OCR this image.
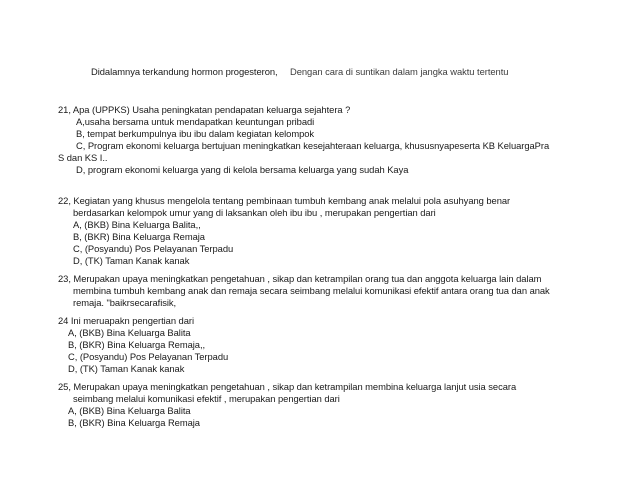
Didalamnya terkandung hormon progesteron, Dengan cara di suntikan dalam jangka waktu tertentu
21, Apa (UPPKS) Usaha peningkatan pendapatan keluarga sejahtera ?
A,usaha bersama untuk mendapatkan keuntungan pribadi
B, tempat berkumpulnya ibu ibu dalam kegiatan kelompok
C, Program ekonomi keluarga bertujuan meningkatkan kesejahteraan keluarga, khususnyapeserta KB KeluargaPra
S dan KS I..
D, program ekonomi keluarga yang di kelola bersama keluarga yang sudah Kaya
22, Kegiatan yang khusus mengelola tentang pembinaan tumbuh kembang anak melalui pola asuhyang benar
berdasarkan kelompok umur yang di laksankan oleh ibu ibu , merupakan pengertian dari
A, (BKB) Bina Keluarga Balita,,
B, (BKR) Bina Keluarga Remaja
C, (Posyandu) Pos Pelayanan Terpadu
D, (TK) Taman Kanak kanak
23, Merupakan upaya meningkatkan pengetahuan , sikap dan ketrampilan orang tua dan anggota keluarga lain dalam
membina tumbuh kembang anak dan remaja secara seimbang melalui komunikasi efektif antara orang tua dan anak
remaja. "baikrsecarafisik,
24 Ini meruapakn pengertian dari
A, (BKB) Bina Keluarga Balita
B, (BKR) Bina Keluarga Remaja,,
C, (Posyandu) Pos Pelayanan Terpadu
D, (TK) Taman Kanak kanak
25, Merupakan upaya meningkatkan pengetahuan , sikap dan ketrampilan membina keluarga lanjut usia secara
seimbang melalui komunikasi efektif , merupakan pengertian dari
A, (BKB) Bina Keluarga Balita
B, (BKR) Bina Keluarga Remaja
